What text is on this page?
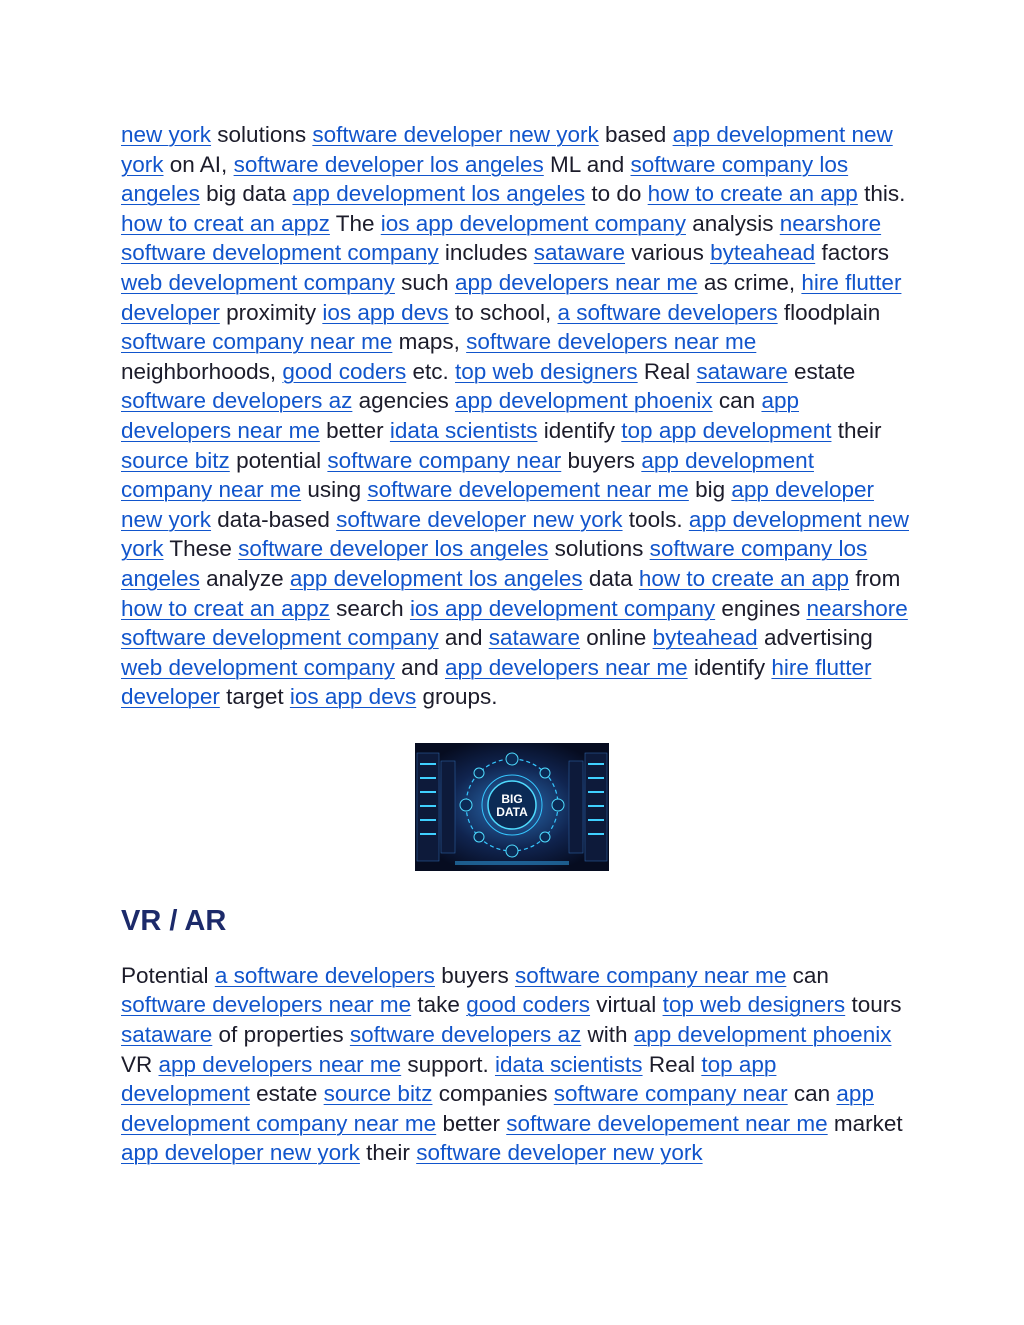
new york solutions software developer new york based app development new york on AI, software developer los angeles ML and software company los angeles big data app development los angeles to do how to create an app this. how to creat an appz The ios app development company analysis nearshore software development company includes sataware various byteahead factors web development company such app developers near me as crime, hire flutter developer proximity ios app devs to school, a software developers floodplain software company near me maps, software developers near me neighborhoods, good coders etc. top web designers Real sataware estate software developers az agencies app development phoenix can app developers near me better idata scientists identify top app development their source bitz potential software company near buyers app development company near me using software developement near me big app developer new york data-based software developer new york tools. app development new york These software developer los angeles solutions software company los angeles analyze app development los angeles data how to create an app from how to creat an appz search ios app development company engines nearshore software development company and sataware online byteahead advertising web development company and app developers near me identify hire flutter developer target ios app devs groups.

BIG
DATA
VR / AR

Potential a software developers buyers software company near me can software developers near me take good coders virtual top web designers tours sataware of properties software developers az with app development phoenix VR app developers near me support. idata scientists Real top app development estate source bitz companies software company near can app development company near me better software developement near me market app developer new york their software developer new york
